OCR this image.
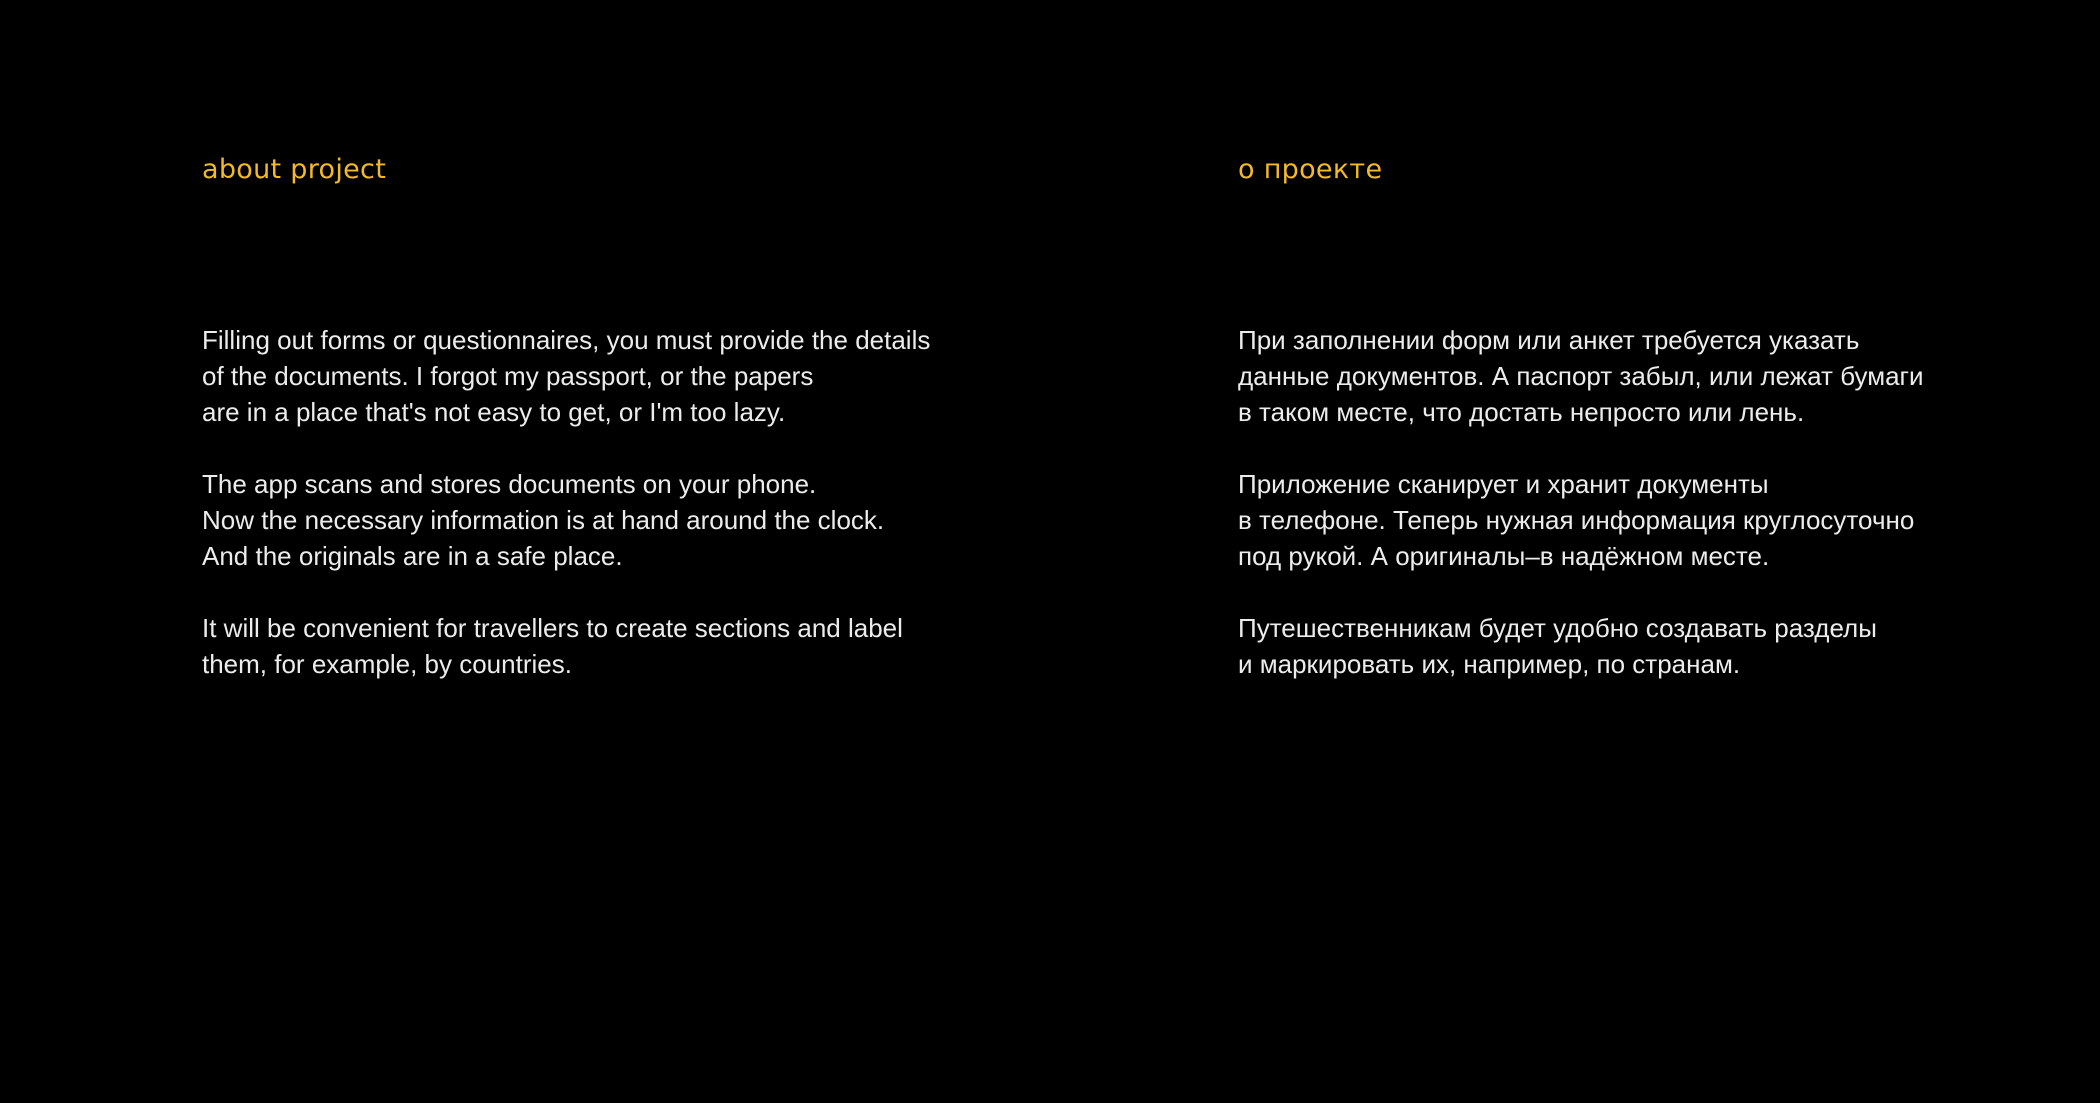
about project

Filling out forms or questionnaires, you must provide the details
of the documents. I forgot my passport, or the papers
are in a place that's not easy to get, or I'm too lazy.

The app scans and stores documents on your phone.
Now the necessary information is at hand around the clock.
And the originals are in a safe place.

It will be convenient for travellers to create sections and label
them, for example, by countries.

о проекте

При заполнении форм или анкет требуется указать
данные документов. А паспорт забыл, или лежат бумаги
в таком месте, что достать непросто или лень.

Приложение сканирует и хранит документы
в телефоне. Теперь нужная информация круглосуточно
под рукой. А оригиналы–в надёжном месте.

Путешественникам будет удобно создавать разделы
и маркировать их, например, по странам.
